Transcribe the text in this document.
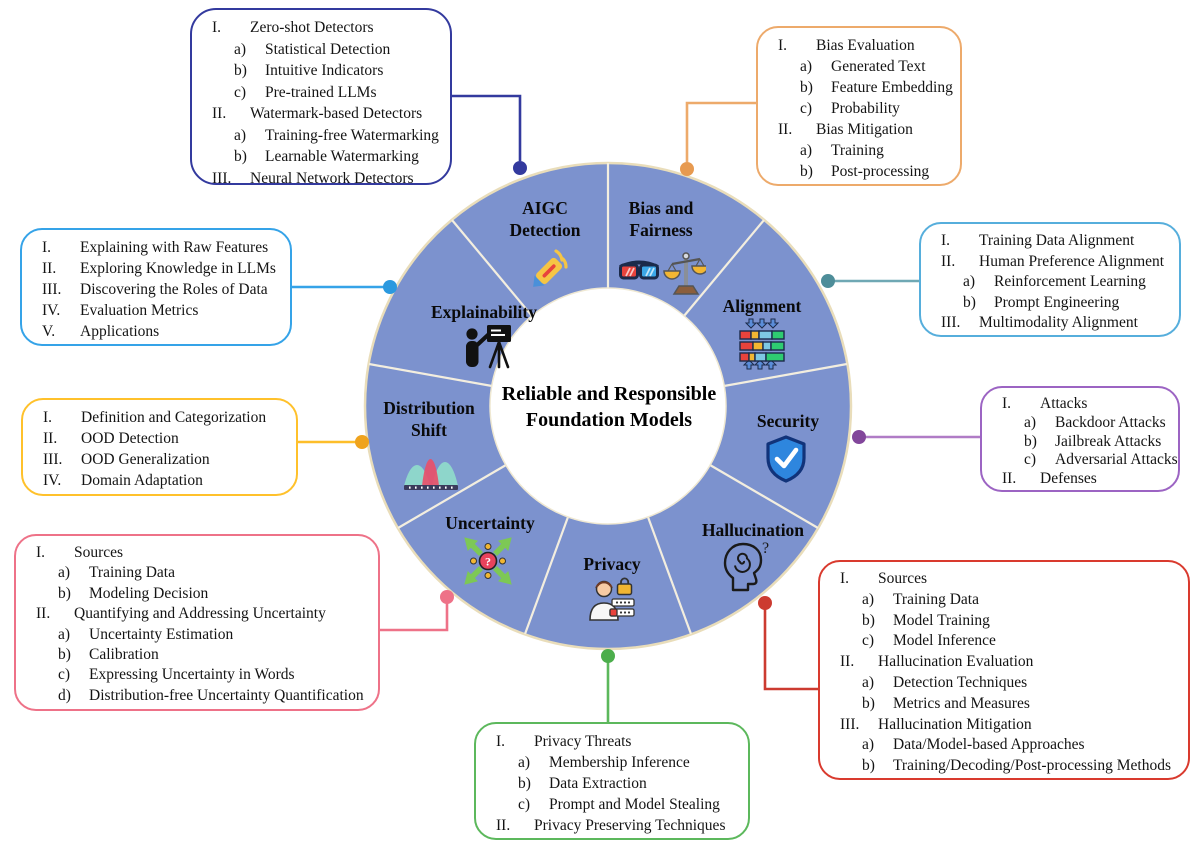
Reliable and Responsible
Foundation Models
AIGC Detection
Bias and Fairness
Alignment
Security
Hallucination
Privacy
Uncertainty
Distribution Shift
Explainability
?
?
I.	Zero-shot Detectors
a)	Statistical Detection
b)	Intuitive Indicators
c)	Pre-trained LLMs
II.	Watermark-based Detectors
a)	Training-free Watermarking
b)	Learnable Watermarking
III.	Neural Network Detectors
I.	Bias Evaluation
a)	Generated Text
b)	Feature Embedding
c)	Probability
II.	Bias Mitigation
a)	Training
b)	Post-processing
I.	Training Data Alignment
II.	Human Preference Alignment
a)	Reinforcement Learning
b)	Prompt Engineering
III.	Multimodality Alignment
I.	Attacks
a)	Backdoor Attacks
b)	Jailbreak Attacks
c)	Adversarial Attacks
II.	Defenses
I.	Sources
a)	Training Data
b)	Model Training
c)	Model Inference
II.	Hallucination Evaluation
a)	Detection Techniques
b)	Metrics and Measures
III.	Hallucination Mitigation
a)	Data/Model-based Approaches
b)	Training/Decoding/Post-processing Methods
I.	Privacy Threats
a)	Membership Inference
b)	Data Extraction
c)	Prompt and Model Stealing
II.	Privacy Preserving Techniques
I.	Sources
a)	Training Data
b)	Modeling Decision
II.	Quantifying and Addressing Uncertainty
a)	Uncertainty Estimation
b)	Calibration
c)	Expressing Uncertainty in Words
d)	Distribution-free Uncertainty Quantification
I.	Definition and Categorization
II.	OOD Detection
III.	OOD Generalization
IV.	Domain Adaptation
I.	Explaining with Raw Features
II.	Exploring Knowledge in LLMs
III.	Discovering the Roles of Data
IV.	Evaluation Metrics
V.	Applications
